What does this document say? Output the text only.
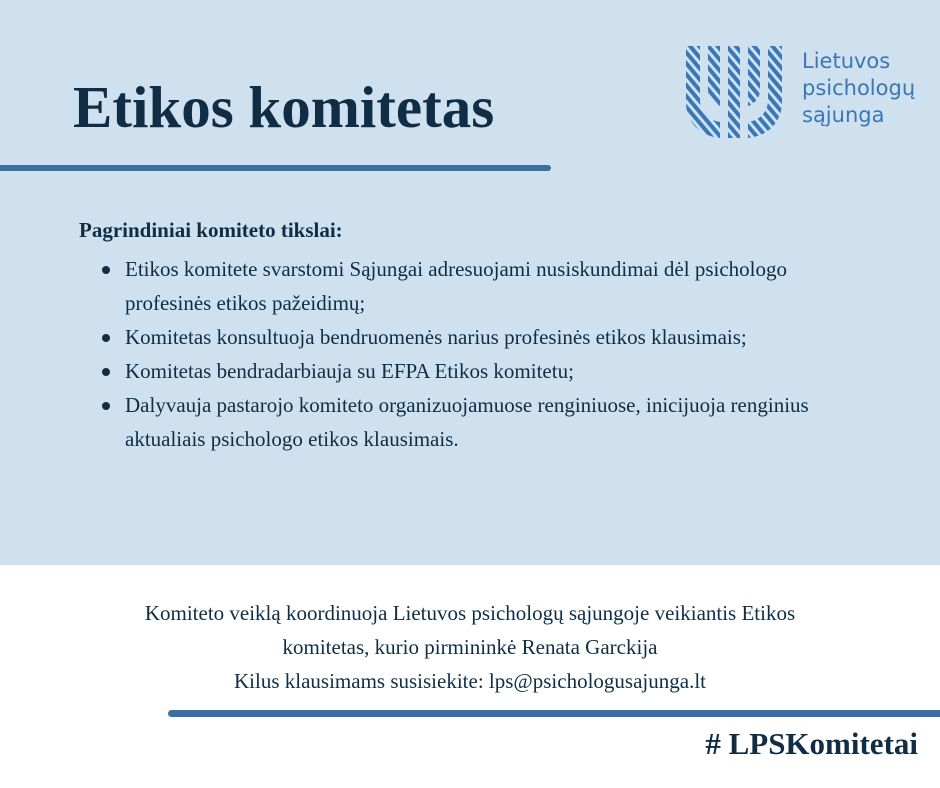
Etikos komitetas
Lietuvos
psichologų
sąjunga
Pagrindiniai komiteto tikslai:
Etikos komitete svarstomi Sąjungai adresuojami nusiskundimai dėl psichologo profesinės etikos pažeidimų;
Komitetas konsultuoja bendruomenės narius profesinės etikos klausimais;
Komitetas bendradarbiauja su EFPA Etikos komitetu;
Dalyvauja pastarojo komiteto organizuojamuose renginiuose, inicijuoja renginius aktualiais psichologo etikos klausimais.
Komiteto veiklą koordinuoja Lietuvos psichologų sąjungoje veikiantis Etikos
komitetas, kurio pirmininkė Renata Garckija
Kilus klausimams susisiekite: lps@psichologusajunga.lt
# LPSKomitetai
